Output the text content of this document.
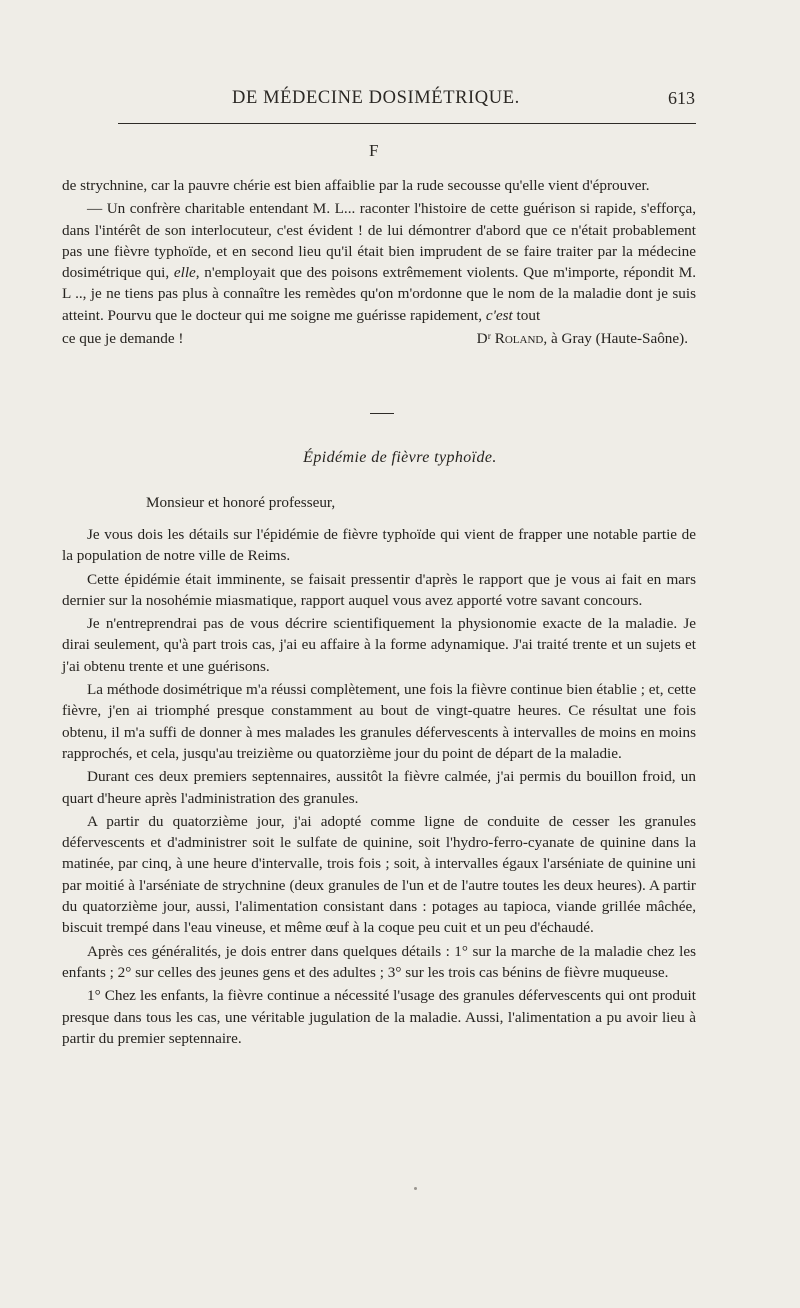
DE MÉDECINE DOSIMÉTRIQUE.	613
F

de strychnine, car la pauvre chérie est bien affaiblie par la rude secousse qu'elle vient d'éprouver.

— Un confrère charitable entendant M. L... raconter l'histoire de cette guérison si rapide, s'efforça, dans l'intérêt de son interlocuteur, c'est évident ! de lui démontrer d'abord que ce n'était probablement pas une fièvre typhoïde, et en second lieu qu'il était bien imprudent de se faire traiter par la médecine dosimétrique qui, elle, n'employait que des poisons extrêmement violents. Que m'importe, répondit M. L .., je ne tiens pas plus à connaître les remèdes qu'on m'ordonne que le nom de la maladie dont je suis atteint. Pourvu que le docteur qui me soigne me guérisse rapidement, c'est tout

ce que je demande !	Dʳ Roland, à Gray (Haute-Saône).
Épidémie de fièvre typhoïde.
Monsieur et honoré professeur,

Je vous dois les détails sur l'épidémie de fièvre typhoïde qui vient de frapper une notable partie de la population de notre ville de Reims.

Cette épidémie était imminente, se faisait pressentir d'après le rapport que je vous ai fait en mars dernier sur la nosohémie miasmatique, rapport auquel vous avez apporté votre savant concours.

Je n'entreprendrai pas de vous décrire scientifiquement la physionomie exacte de la maladie. Je dirai seulement, qu'à part trois cas, j'ai eu affaire à la forme adynamique. J'ai traité trente et un sujets et j'ai obtenu trente et une guérisons.

La méthode dosimétrique m'a réussi complètement, une fois la fièvre continue bien établie ; et, cette fièvre, j'en ai triomphé presque constamment au bout de vingt-quatre heures. Ce résultat une fois obtenu, il m'a suffi de donner à mes malades les granules défervescents à intervalles de moins en moins rapprochés, et cela, jusqu'au treizième ou quatorzième jour du point de départ de la maladie.

Durant ces deux premiers septennaires, aussitôt la fièvre calmée, j'ai permis du bouillon froid, un quart d'heure après l'administration des granules.

A partir du quatorzième jour, j'ai adopté comme ligne de conduite de cesser les granules défervescents et d'administrer soit le sulfate de quinine, soit l'hydro-ferro-cyanate de quinine dans la matinée, par cinq, à une heure d'intervalle, trois fois ; soit, à intervalles égaux l'arséniate de quinine uni par moitié à l'arséniate de strychnine (deux granules de l'un et de l'autre toutes les deux heures). A partir du quatorzième jour, aussi, l'alimentation consistant dans : potages au tapioca, viande grillée mâchée, biscuit trempé dans l'eau vineuse, et même œuf à la coque peu cuit et un peu d'échaudé.

Après ces généralités, je dois entrer dans quelques détails : 1° sur la marche de la maladie chez les enfants ; 2° sur celles des jeunes gens et des adultes ; 3° sur les trois cas bénins de fièvre muqueuse.

1° Chez les enfants, la fièvre continue a nécessité l'usage des granules défervescents qui ont produit presque dans tous les cas, une véritable jugulation de la maladie. Aussi, l'alimentation a pu avoir lieu à partir du premier septennaire.
